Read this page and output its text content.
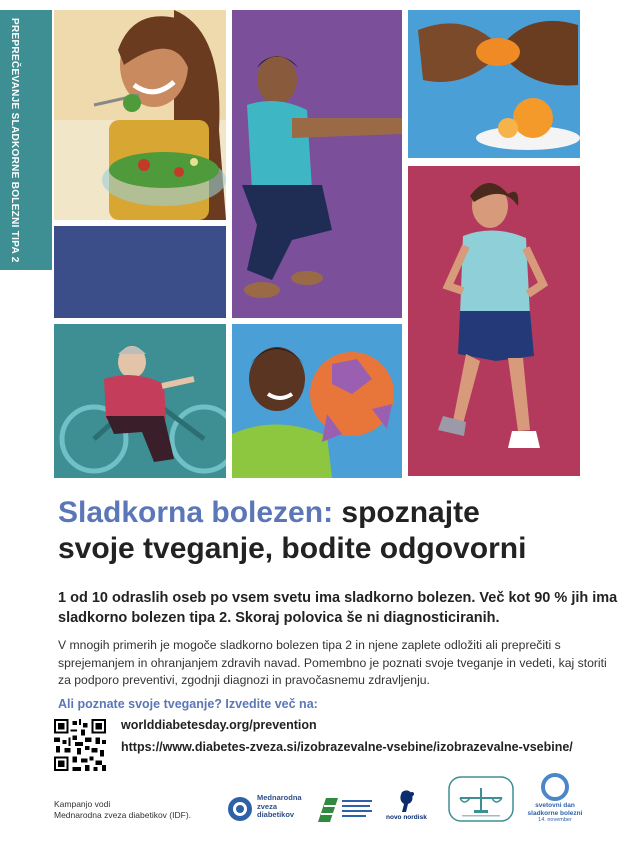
PREPREČEVANJE SLADKORNE BOLEZNI TIPA 2
Sladkorna bolezen: spoznajte
svoje tveganje, bodite odgovorni
1 od 10 odraslih oseb po vsem svetu ima sladkorno bolezen. Več kot 90 % jih ima sladkorno bolezen tipa 2. Skoraj polovica še ni diagnosticiranih.
V mnogih primerih je mogoče sladkorno bolezen tipa 2 in njene zaplete odložiti ali preprečiti s sprejemanjem in ohranjanjem zdravih navad. Pomembno je poznati svoje tveganje in vedeti, kaj storiti za podporo preventivi, zgodnji diagnozi in pravočasnemu zdravljenju.
Ali poznate svoje tveganje? Izvedite več na:
worlddiabetesday.org/prevention
https://www.diabetes-zveza.si/izobrazevalne-vsebine/izobrazevalne-vsebine/
Kampanjo vodi
Mednarodna zveza diabetikov (IDF).
Mednarodna
zveza
diabetikov	novo nordisk
svetovni dan
sladkorne bolezni
14. november
